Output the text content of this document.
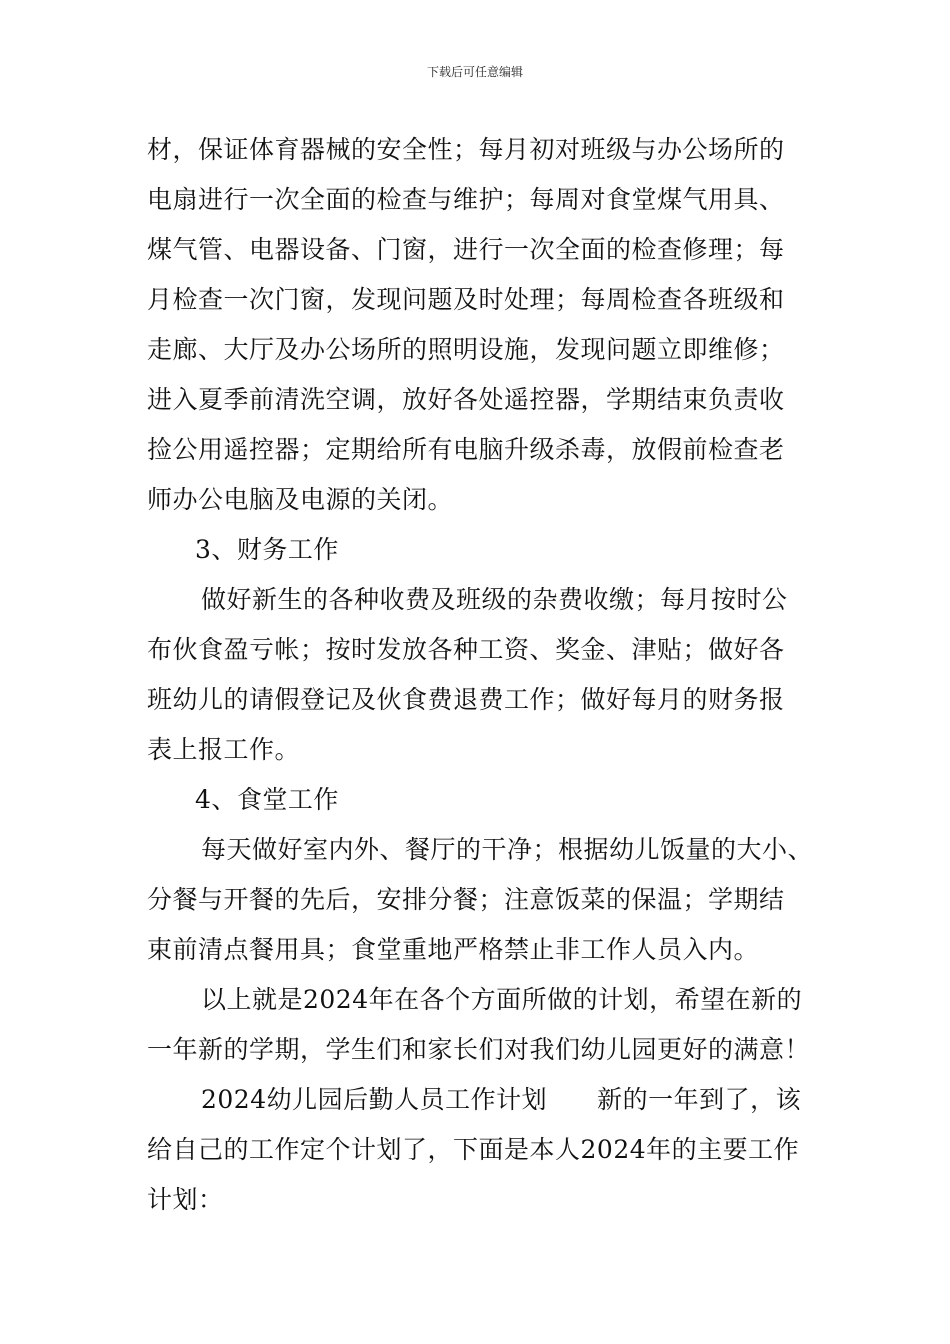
下载后可任意编辑
材，保证体育器械的安全性；每月初对班级与办公场所的
电扇进行一次全面的检查与维护；每周对食堂煤气用具、
煤气管、电器设备、门窗，进行一次全面的检查修理；每
月检查一次门窗，发现问题及时处理；每周检查各班级和
走廊、大厅及办公场所的照明设施，发现问题立即维修；
进入夏季前清洗空调，放好各处遥控器，学期结束负责收
捡公用遥控器；定期给所有电脑升级杀毒，放假前检查老
师办公电脑及电源的关闭。
3、财务工作
做好新生的各种收费及班级的杂费收缴；每月按时公
布伙食盈亏帐；按时发放各种工资、奖金、津贴；做好各
班幼儿的请假登记及伙食费退费工作；做好每月的财务报
表上报工作。
4、食堂工作
每天做好室内外、餐厅的干净；根据幼儿饭量的大小、
分餐与开餐的先后，安排分餐；注意饭菜的保温；学期结
束前清点餐用具；食堂重地严格禁止非工作人员入内。
以上就是2024年在各个方面所做的计划，希望在新的
一年新的学期，学生们和家长们对我们幼儿园更好的满意！
2024幼儿园后勤人员工作计划 新的一年到了，该
给自己的工作定个计划了，下面是本人2024年的主要工作
计划：
